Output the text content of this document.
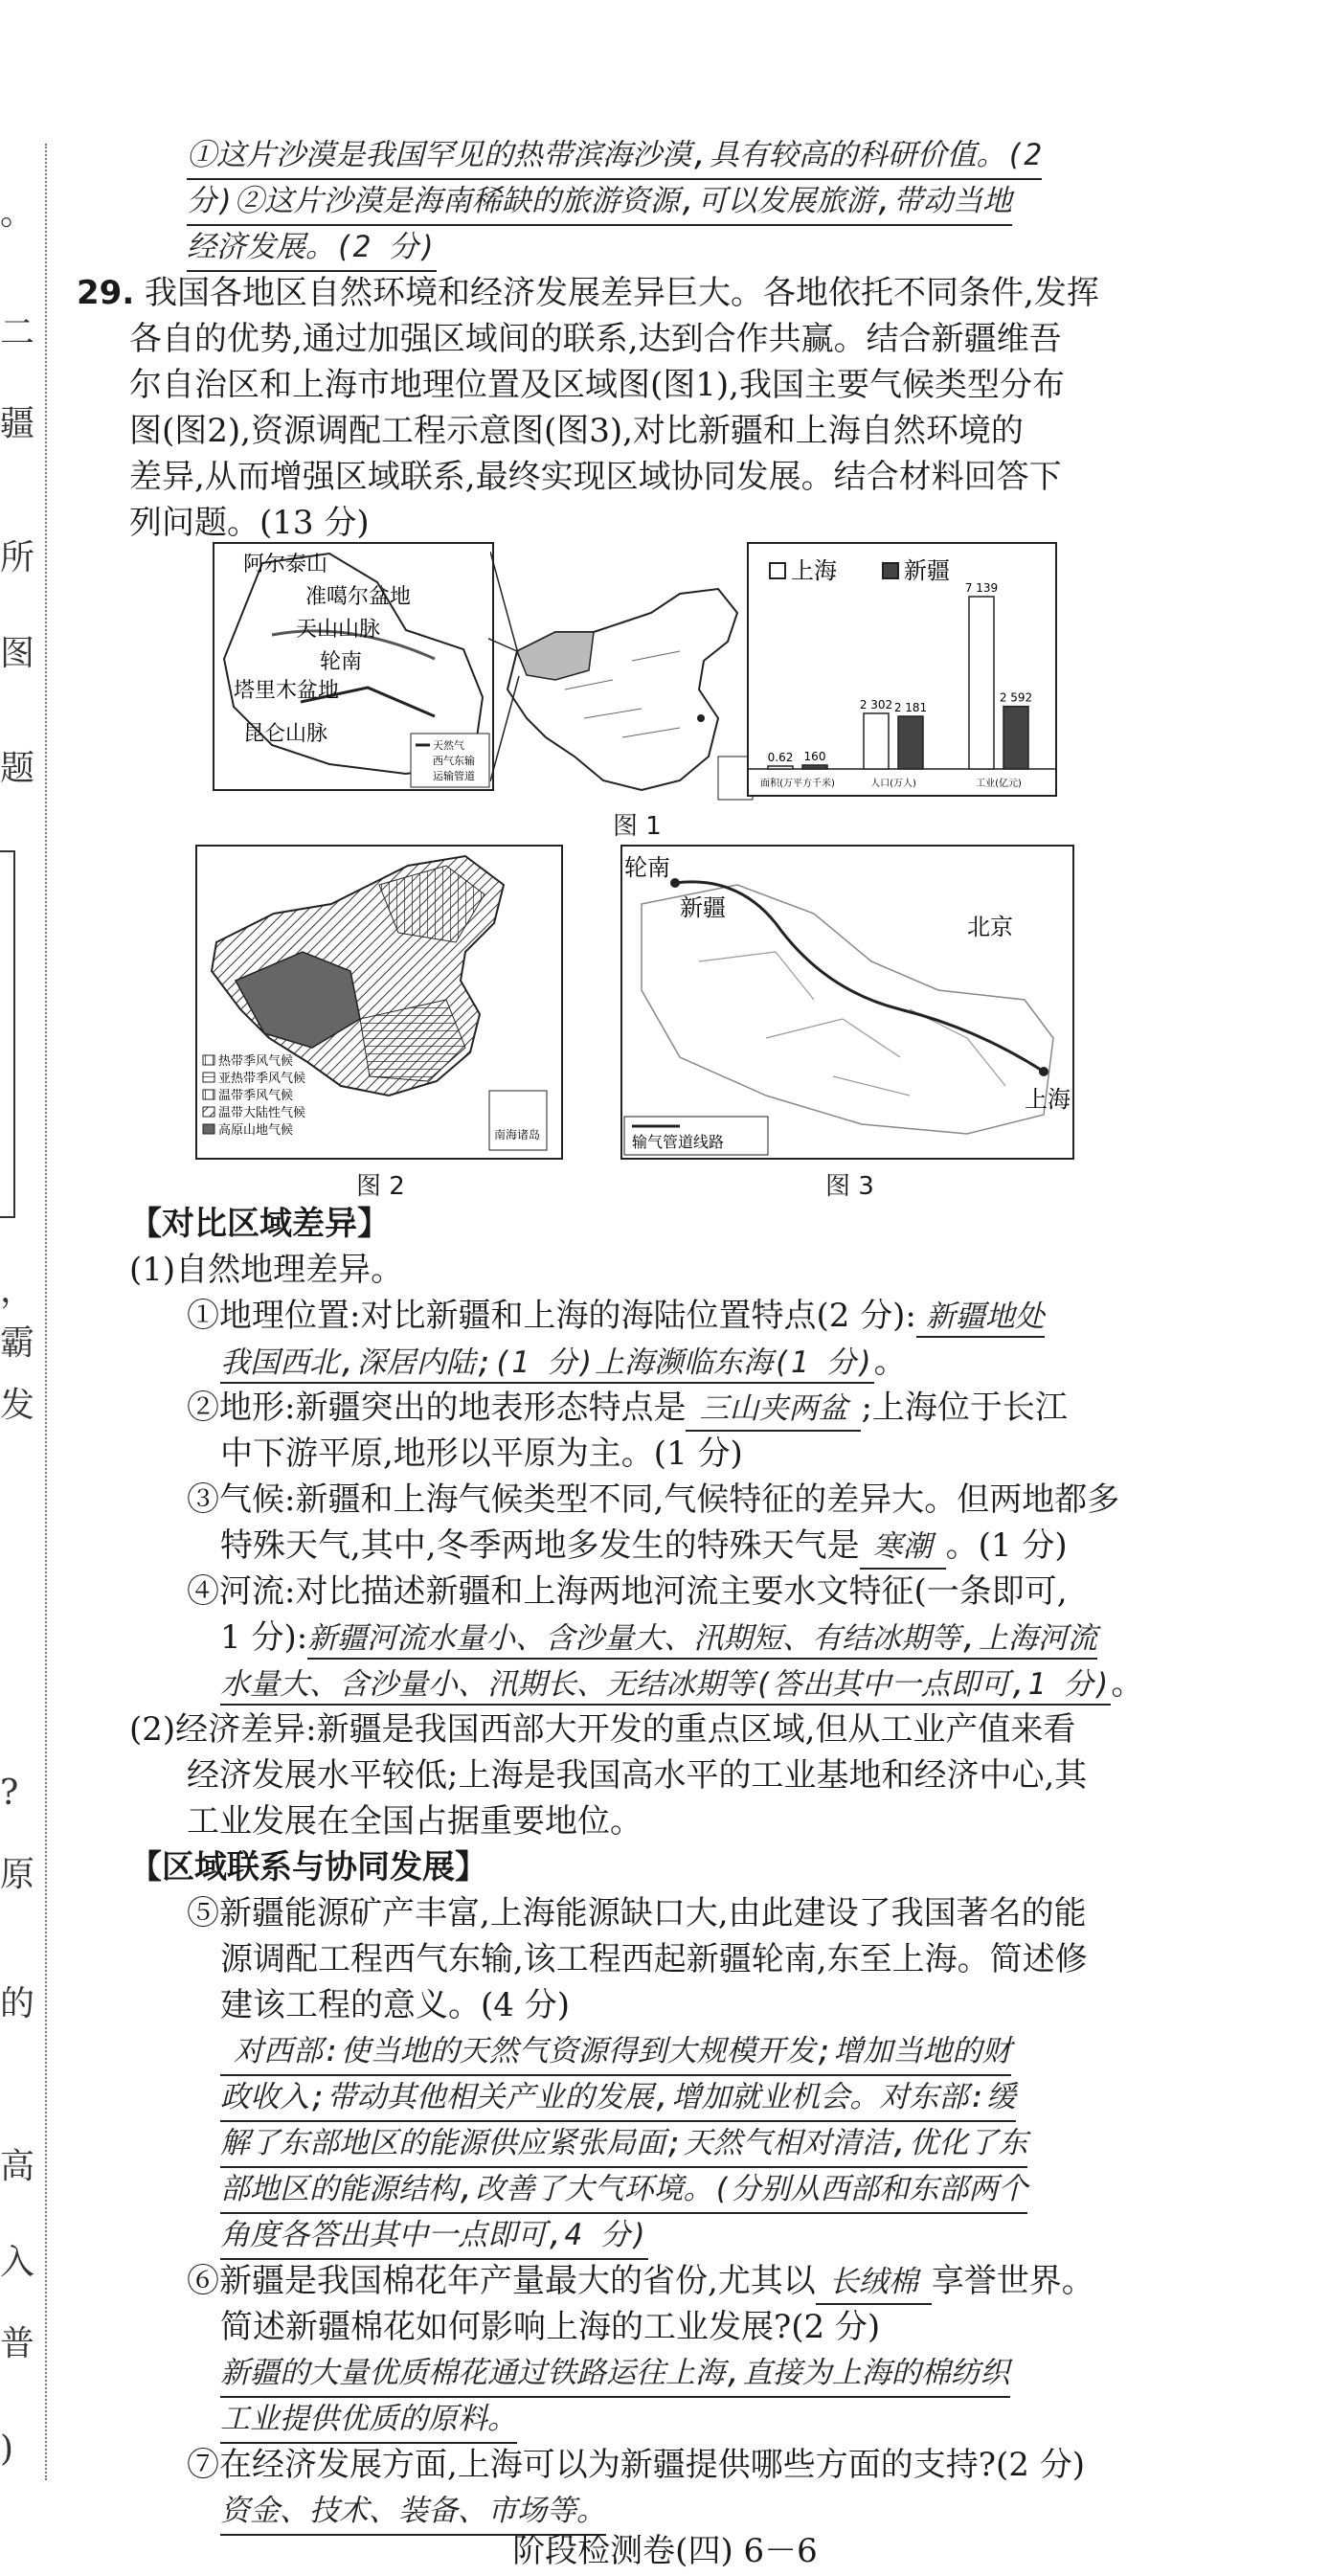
。
二
疆
所
图
题
，
霸
发
?
原
的
高
入
普
)
①这片沙漠是我国罕见的热带滨海沙漠,具有较高的科研价值。(2
分)②这片沙漠是海南稀缺的旅游资源,可以发展旅游,带动当地
经济发展。(2 分)
29. 我国各地区自然环境和经济发展差异巨大。各地依托不同条件,发挥
各自的优势,通过加强区域间的联系,达到合作共赢。结合新疆维吾
尔自治区和上海市地理位置及区域图(图1),我国主要气候类型分布
图(图2),资源调配工程示意图(图3),对比新疆和上海自然环境的
差异,从而增强区域联系,最终实现区域协同发展。结合材料回答下
列问题。(13 分)
阿尔泰山
准噶尔盆地
天山山脉
轮南
塔里木盆地
昆仑山脉	天然气
西气东输
运输管道
上海	新疆
0.62 160
面积(万平方千米)
2 302 2 181
人口(万人)
7 139
2 592
工业(亿元)
图 1
南海诸岛
热带季风气候
亚热带季风气候
温带季风气候
温带大陆性气候
高原山地气候
图 2
轮南
新疆
北京
上海
输气管道线路
图 3
【对比区域差异】
(1)自然地理差异。
①地理位置:对比新疆和上海的海陆位置特点(2 分): 新疆地处
我国西北,深居内陆;(1 分)上海濒临东海(1 分)。
②地形:新疆突出的地表形态特点是 三山夹两盆 ;上海位于长江
中下游平原,地形以平原为主。(1 分)
③气候:新疆和上海气候类型不同,气候特征的差异大。但两地都多
特殊天气,其中,冬季两地多发生的特殊天气是 寒潮 。(1 分)
④河流:对比描述新疆和上海两地河流主要水文特征(一条即可,
1 分):新疆河流水量小、含沙量大、汛期短、有结冰期等,上海河流
水量大、含沙量小、汛期长、无结冰期等(答出其中一点即可,1 分)。
(2)经济差异:新疆是我国西部大开发的重点区域,但从工业产值来看
经济发展水平较低;上海是我国高水平的工业基地和经济中心,其
工业发展在全国占据重要地位。
【区域联系与协同发展】
⑤新疆能源矿产丰富,上海能源缺口大,由此建设了我国著名的能
源调配工程西气东输,该工程西起新疆轮南,东至上海。简述修
建该工程的意义。(4 分)
对西部:使当地的天然气资源得到大规模开发;增加当地的财
政收入;带动其他相关产业的发展,增加就业机会。对东部:缓
解了东部地区的能源供应紧张局面;天然气相对清洁,优化了东
部地区的能源结构,改善了大气环境。(分别从西部和东部两个
角度各答出其中一点即可,4 分)
⑥新疆是我国棉花年产量最大的省份,尤其以 长绒棉 享誉世界。
简述新疆棉花如何影响上海的工业发展?(2 分)
新疆的大量优质棉花通过铁路运往上海,直接为上海的棉纺织
工业提供优质的原料。
⑦在经济发展方面,上海可以为新疆提供哪些方面的支持?(2 分)
资金、技术、装备、市场等。
阶段检测卷(四) 6－6
